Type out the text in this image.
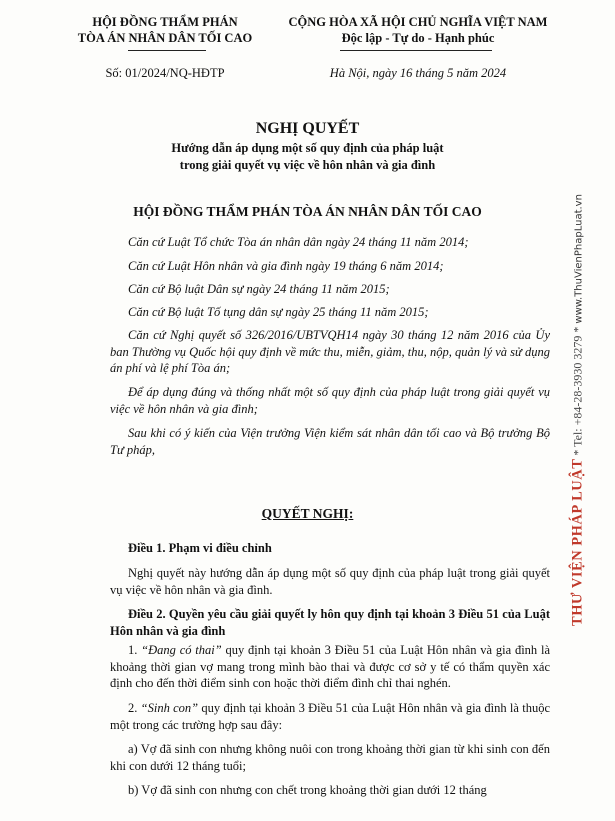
HỘI ĐỒNG THẨM PHÁN
TÒA ÁN NHÂN DÂN TỐI CAO
CỘNG HÒA XÃ HỘI CHỦ NGHĨA VIỆT NAM
Độc lập - Tự do - Hạnh phúc
Số: 01/2024/NQ-HĐTP	Hà Nội, ngày 16 tháng 5 năm 2024
NGHỊ QUYẾT
Hướng dẫn áp dụng một số quy định của pháp luật
trong giải quyết vụ việc về hôn nhân và gia đình
HỘI ĐỒNG THẨM PHÁN TÒA ÁN NHÂN DÂN TỐI CAO
Căn cứ Luật Tổ chức Tòa án nhân dân ngày 24 tháng 11 năm 2014;
Căn cứ Luật Hôn nhân và gia đình ngày 19 tháng 6 năm 2014;
Căn cứ Bộ luật Dân sự ngày 24 tháng 11 năm 2015;
Căn cứ Bộ luật Tố tụng dân sự ngày 25 tháng 11 năm 2015;
Căn cứ Nghị quyết số 326/2016/UBTVQH14 ngày 30 tháng 12 năm 2016 của Ủy ban Thường vụ Quốc hội quy định về mức thu, miễn, giảm, thu, nộp, quản lý và sử dụng án phí và lệ phí Tòa án;
Để áp dụng đúng và thống nhất một số quy định của pháp luật trong giải quyết vụ việc về hôn nhân và gia đình;
Sau khi có ý kiến của Viện trưởng Viện kiểm sát nhân dân tối cao và Bộ trưởng Bộ Tư pháp,
QUYẾT NGHỊ:
Điều 1. Phạm vi điều chỉnh
Nghị quyết này hướng dẫn áp dụng một số quy định của pháp luật trong giải quyết vụ việc về hôn nhân và gia đình.
Điều 2. Quyền yêu cầu giải quyết ly hôn quy định tại khoản 3 Điều 51 của Luật Hôn nhân và gia đình
1. “Đang có thai” quy định tại khoản 3 Điều 51 của Luật Hôn nhân và gia đình là khoảng thời gian vợ mang trong mình bào thai và được cơ sở y tế có thẩm quyền xác định cho đến thời điểm sinh con hoặc thời điểm đình chỉ thai nghén.
2. “Sinh con” quy định tại khoản 3 Điều 51 của Luật Hôn nhân và gia đình là thuộc một trong các trường hợp sau đây:
a) Vợ đã sinh con nhưng không nuôi con trong khoảng thời gian từ khi sinh con đến khi con dưới 12 tháng tuổi;
b) Vợ đã sinh con nhưng con chết trong khoảng thời gian dưới 12 tháng
THƯ VIỆN PHÁP LUẬT * Tel: +84-28-3930 3279 * www.ThuVienPhapLuat.vn
